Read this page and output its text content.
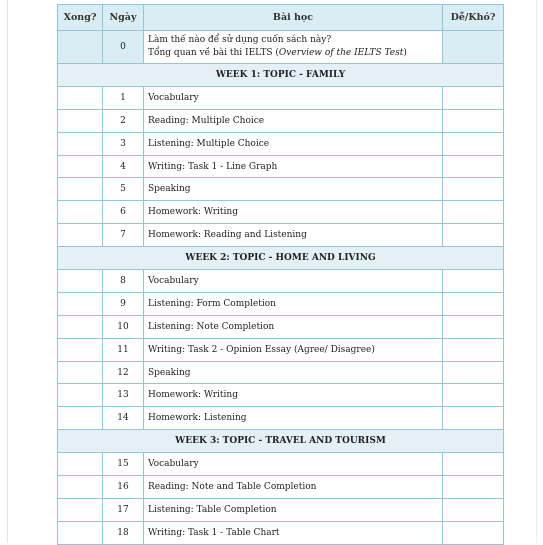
Xong?	Ngày	Bài học	Dễ/Khó?
	0	Làm thế nào để sử dụng cuốn sách này?
Tổng quan về bài thi IELTS (Overview of the IELTS Test)	

WEEK 1: TOPIC - FAMILY			
	1	Vocabulary	
	2	Reading: Multiple Choice	
	3	Listening: Multiple Choice	
	4	Writing: Task 1 - Line Graph	
	5	Speaking	
	6	Homework: Writing	
	7	Homework: Reading and Listening	
WEEK 2: TOPIC - HOME AND LIVING			
	8	Vocabulary	
	9	Listening: Form Completion	
	10	Listening: Note Completion	
	11	Writing: Task 2 - Opinion Essay (Agree/ Disagree)	
	12	Speaking	
	13	Homework: Writing	
	14	Homework: Listening	
WEEK 3: TOPIC - TRAVEL AND TOURISM			
	15	Vocabulary	
	16	Reading: Note and Table Completion	
	17	Listening: Table Completion	
	18	Writing: Task 1 - Table Chart	
